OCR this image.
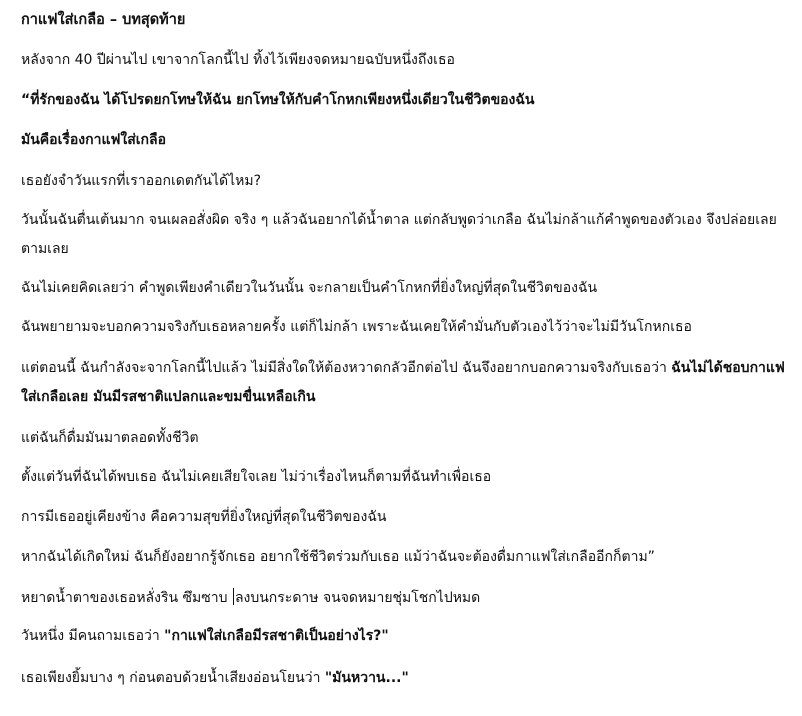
กาแฟใส่เกลือ – บทสุดท้าย
หลังจาก 40 ปีผ่านไป เขาจากโลกนี้ไป ทิ้งไว้เพียงจดหมายฉบับหนึ่งถึงเธอ
“ที่รักของฉัน ได้โปรดยกโทษให้ฉัน ยกโทษให้กับคำโกหกเพียงหนึ่งเดียวในชีวิตของฉัน
มันคือเรื่องกาแฟใส่เกลือ
เธอยังจำวันแรกที่เราออกเดตกันได้ไหม?
วันนั้นฉันตื่นเต้นมาก จนเผลอสั่งผิด จริง ๆ แล้วฉันอยากได้น้ำตาล แต่กลับพูดว่าเกลือ ฉันไม่กล้าแก้คำพูดของตัวเอง จึงปล่อยเลยตามเลย
ฉันไม่เคยคิดเลยว่า คำพูดเพียงคำเดียวในวันนั้น จะกลายเป็นคำโกหกที่ยิ่งใหญ่ที่สุดในชีวิตของฉัน
ฉันพยายามจะบอกความจริงกับเธอหลายครั้ง แต่ก็ไม่กล้า เพราะฉันเคยให้คำมั่นกับตัวเองไว้ว่าจะไม่มีวันโกหกเธอ
แต่ตอนนี้ ฉันกำลังจะจากโลกนี้ไปแล้ว ไม่มีสิ่งใดให้ต้องหวาดกลัวอีกต่อไป ฉันจึงอยากบอกความจริงกับเธอว่า ฉันไม่ได้ชอบกาแฟใส่เกลือเลย มันมีรสชาติแปลกและขมขื่นเหลือเกิน
แต่ฉันก็ดื่มมันมาตลอดทั้งชีวิต
ตั้งแต่วันที่ฉันได้พบเธอ ฉันไม่เคยเสียใจเลย ไม่ว่าเรื่องไหนก็ตามที่ฉันทำเพื่อเธอ
การมีเธออยู่เคียงข้าง คือความสุขที่ยิ่งใหญ่ที่สุดในชีวิตของฉัน
หากฉันได้เกิดใหม่ ฉันก็ยังอยากรู้จักเธอ อยากใช้ชีวิตร่วมกับเธอ แม้ว่าฉันจะต้องดื่มกาแฟใส่เกลืออีกก็ตาม”
หยาดน้ำตาของเธอหลั่งริน ซึมซาบ ลงบนกระดาษ จนจดหมายชุ่มโชกไปหมด
วันหนึ่ง มีคนถามเธอว่า "กาแฟใส่เกลือมีรสชาติเป็นอย่างไร?"
เธอเพียงยิ้มบาง ๆ ก่อนตอบด้วยน้ำเสียงอ่อนโยนว่า "มันหวาน..."
